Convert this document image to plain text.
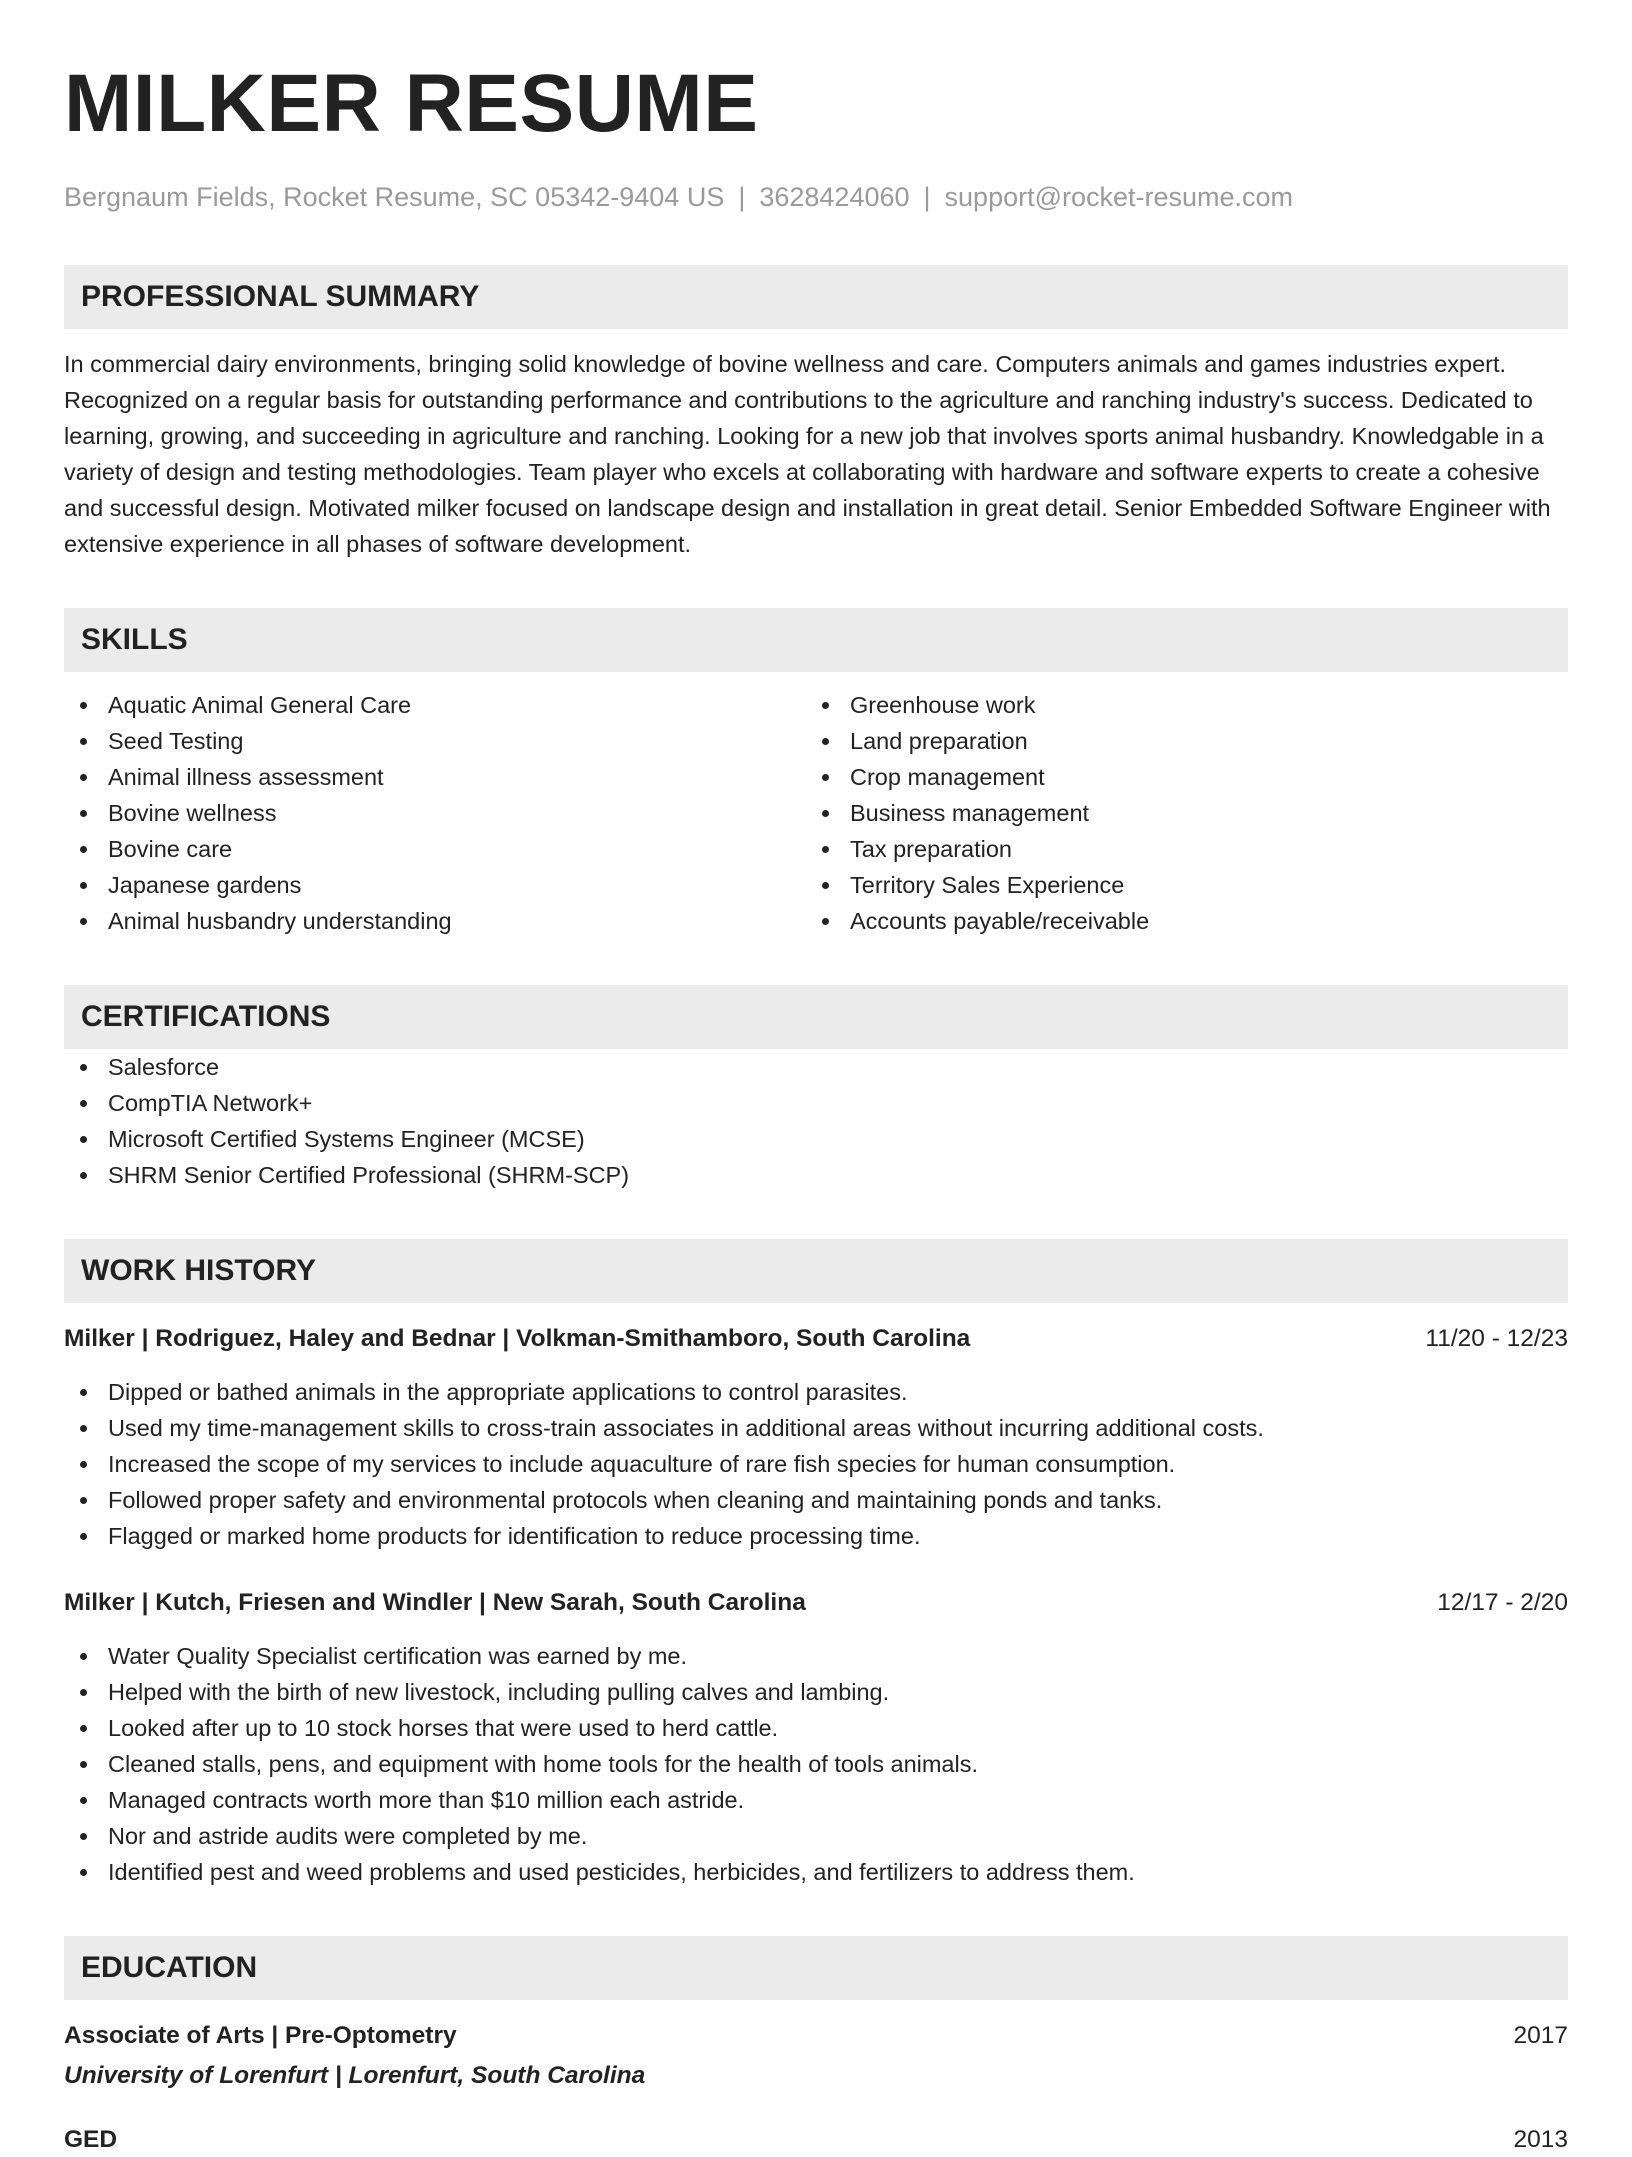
MILKER RESUME
Bergnaum Fields, Rocket Resume, SC 05342-9404 US | 3628424060 | support@rocket-resume.com
PROFESSIONAL SUMMARY

In commercial dairy environments, bringing solid knowledge of bovine wellness and care. Computers animals and games industries expert. Recognized on a regular basis for outstanding performance and contributions to the agriculture and ranching industry's success. Dedicated to learning, growing, and succeeding in agriculture and ranching. Looking for a new job that involves sports animal husbandry. Knowledgable in a variety of design and testing methodologies. Team player who excels at collaborating with hardware and software experts to create a cohesive and successful design. Motivated milker focused on landscape design and installation in great detail. Senior Embedded Software Engineer with extensive experience in all phases of software development.

SKILLS
Aquatic Animal General Care
Seed Testing
Animal illness assessment
Bovine wellness
Bovine care
Japanese gardens
Animal husbandry understanding
Greenhouse work
Land preparation
Crop management
Business management
Tax preparation
Territory Sales Experience
Accounts payable/receivable
CERTIFICATIONS
Salesforce
CompTIA Network+
Microsoft Certified Systems Engineer (MCSE)
SHRM Senior Certified Professional (SHRM-SCP)
WORK HISTORY
Milker | Rodriguez, Haley and Bednar | Volkman-Smithamboro, South Carolina	11/20 - 12/23
Dipped or bathed animals in the appropriate applications to control parasites.
Used my time-management skills to cross-train associates in additional areas without incurring additional costs.
Increased the scope of my services to include aquaculture of rare fish species for human consumption.
Followed proper safety and environmental protocols when cleaning and maintaining ponds and tanks.
Flagged or marked home products for identification to reduce processing time.
Milker | Kutch, Friesen and Windler | New Sarah, South Carolina	12/17 - 2/20
Water Quality Specialist certification was earned by me.
Helped with the birth of new livestock, including pulling calves and lambing.
Looked after up to 10 stock horses that were used to herd cattle.
Cleaned stalls, pens, and equipment with home tools for the health of tools animals.
Managed contracts worth more than $10 million each astride.
Nor and astride audits were completed by me.
Identified pest and weed problems and used pesticides, herbicides, and fertilizers to address them.
EDUCATION
Associate of Arts | Pre-Optometry	2017
University of Lorenfurt | Lorenfurt, South Carolina
GED	2013
